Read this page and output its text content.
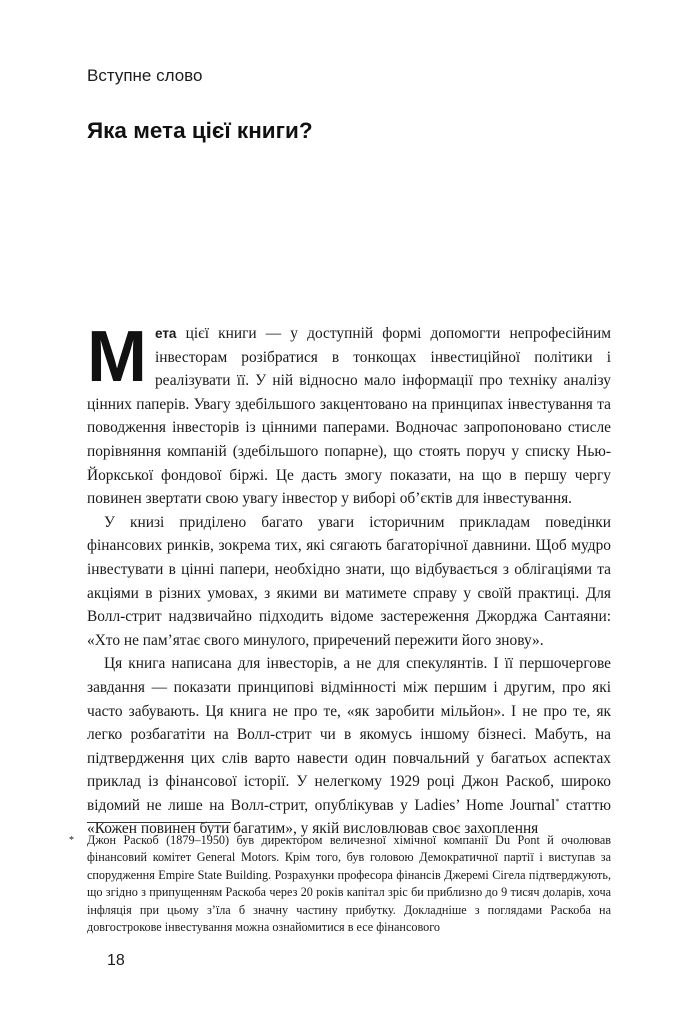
Вступне слово
Яка мета цієї книги?

Мета цієї книги — у доступній формі допомогти непрофесійним інвесторам розібратися в тонкощах інвестиційної політики і реалізувати її. У ній відносно мало інформації про техніку аналізу цінних паперів. Увагу здебільшого закцентовано на принципах інвестування та поводження інвесторів із цінними паперами. Водночас запропоновано стисле порівняння компаній (здебільшого попарне), що стоять поруч у списку Нью-Йоркської фондової біржі. Це дасть змогу показати, на що в першу чергу повинен звертати свою увагу інвестор у виборі об’єктів для інвестування.

У книзі приділено багато уваги історичним прикладам поведінки фінансових ринків, зокрема тих, які сягають багаторічної давнини. Щоб мудро інвестувати в цінні папери, необхідно знати, що відбувається з облігаціями та акціями в різних умовах, з якими ви матимете справу у своїй практиці. Для Волл-стрит надзвичайно підходить відоме застереження Джорджа Сантаяни: «Хто не пам’ятає свого минулого, приречений пережити його знову».

Ця книга написана для інвесторів, а не для спекулянтів. І її першочергове завдання — показати принципові відмінності між першим і другим, про які часто забувають. Ця книга не про те, «як заробити мільйон». І не про те, як легко розбагатіти на Волл-стрит чи в якомусь іншому бізнесі. Мабуть, на підтвердження цих слів варто навести один повчальний у багатьох аспектах приклад із фінансової історії. У нелегкому 1929 році Джон Раскоб, широко відомий не лише на Волл-стрит, опублікував у Ladies’ Home Journal* статтю «Кожен повинен бути багатим», у якій висловлював своє захоплення

* Джон Раскоб (1879–1950) був директором величезної хімічної компанії Du Pont й очолював фінансовий комітет General Motors. Крім того, був головою Демократичної партії і виступав за спорудження Empire State Building. Розрахунки професора фінансів Джеремі Сігела підтверджують, що згідно з припущенням Раскоба через 20 років капітал зріс би приблизно до 9 тисяч доларів, хоча інфляція при цьому з’їла б значну частину прибутку. Докладніше з поглядами Раскоба на довгострокове інвестування можна ознайомитися в есе фінансового
18
